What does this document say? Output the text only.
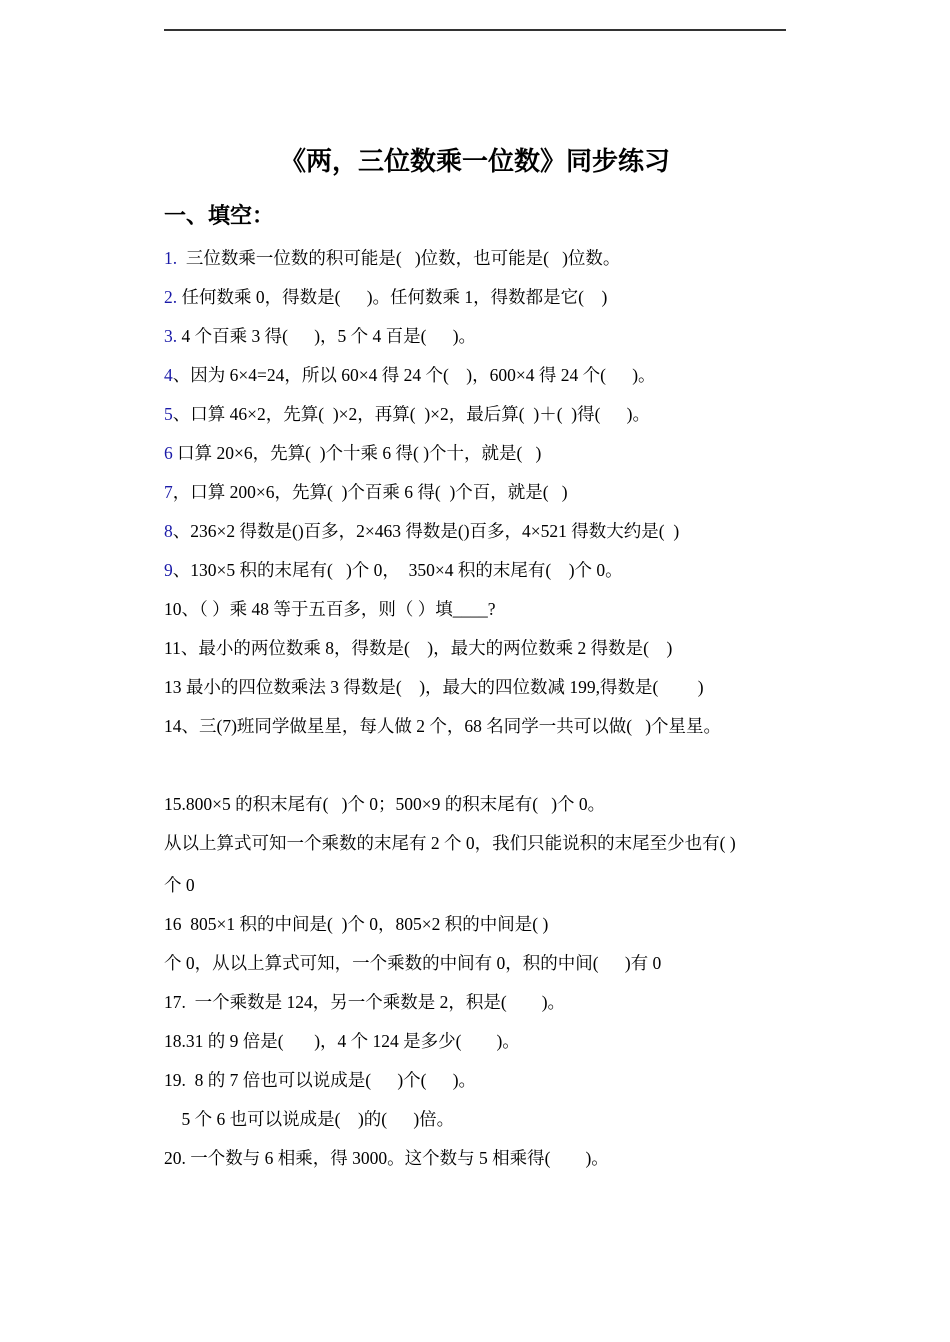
《两，三位数乘一位数》同步练习
一、填空：
1.  三位数乘一位数的积可能是(   )位数，也可能是(   )位数。
2. 任何数乘 0，得数是(      )。任何数乘 1，得数都是它(    )
3. 4 个百乘 3 得(      )，5 个 4 百是(      )。
4、因为 6×4=24，所以 60×4 得 24 个(    )，600×4 得 24 个(      )。
5、口算 46×2，先算(  )×2，再算(  )×2，最后算(  )＋(  )得(      )。
6 口算 20×6，先算(  )个十乘 6 得( )个十，就是(   )
7，口算 200×6，先算(  )个百乘 6 得(  )个百，就是(   )
8、236×2 得数是()百多，2×463 得数是()百多，4×521 得数大约是(  )
9、130×5 积的末尾有(   )个 0，  350×4 积的末尾有(    )个 0。
10、（ ）乘 48 等于五百多，则（ ）填____?
11、最小的两位数乘 8，得数是(    )，最大的两位数乘 2 得数是(    )
13 最小的四位数乘法 3 得数是(    )，最大的四位数减 199,得数是(         )
14、三(7)班同学做星星，每人做 2 个，68 名同学一共可以做(   )个星星。
15.800×5 的积末尾有(   )个 0；500×9 的积末尾有(   )个 0。
从以上算式可知一个乘数的末尾有 2 个 0，我们只能说积的末尾至少也有( )
个 0
16  805×1 积的中间是(  )个 0，805×2 积的中间是( )
个 0，从以上算式可知，一个乘数的中间有 0，积的中间(      )有 0
17.  一个乘数是 124，另一个乘数是 2，积是(        )。
18.31 的 9 倍是(       )，4 个 124 是多少(        )。
19.  8 的 7 倍也可以说成是(      )个(      )。
5 个 6 也可以说成是(    )的(      )倍。
20. 一个数与 6 相乘，得 3000。这个数与 5 相乘得(        )。
